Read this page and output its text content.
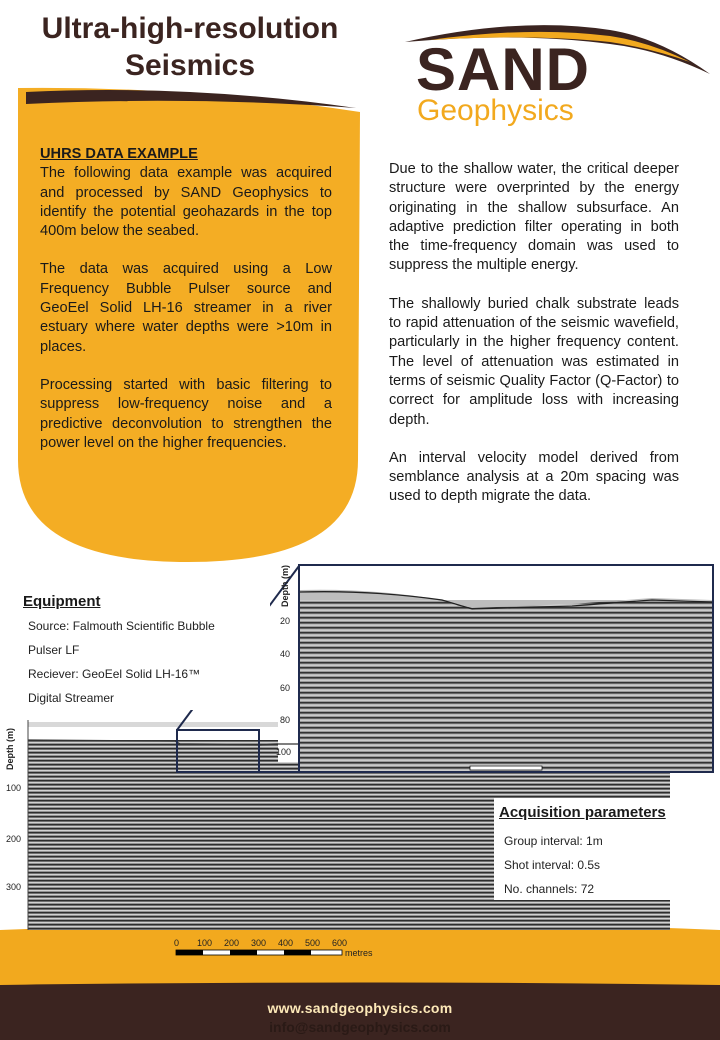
Ultra-high-resolution
Seismics	SAND
Geophysics
UHRS DATA EXAMPLE

The following data example was acquired and processed by SAND Geophysics to identify the potential geohazards in the top 400m below the seabed.

The data was acquired using a Low Frequency Bubble Pulser source and GeoEel Solid LH-16 streamer in a river estuary where water depths were >10m in places.

Processing started with basic filtering to suppress low-frequency noise and a predictive deconvolution to strengthen the power level on the higher frequencies.

Due to the shallow water, the critical deeper structure were overprinted by the energy originating in the shallow subsurface. An adaptive prediction filter operating in both the time-frequency domain was used to suppress the multiple energy.

The shallowly buried chalk substrate leads to rapid attenuation of the seismic wavefield, particularly in the higher frequency content. The level of attenuation was estimated in terms of seismic Quality Factor (Q-Factor) to correct for amplitude loss with increasing depth.

An interval velocity model derived from semblance analysis at a 20m spacing was used to depth migrate the data.

Depth (m)
100
200
300
0 100 200 300 400 500 600
metres
Depth (m)
20
40
60
80
100
Equipment
Source: Falmouth Scientific Bubble
Pulser LF
Reciever: GeoEel Solid LH-16™
Digital Streamer
Acquisition parameters
Group interval: 1m
Shot interval: 0.5s
No. channels: 72
www.sandgeophysics.com
info@sandgeophysics.com
